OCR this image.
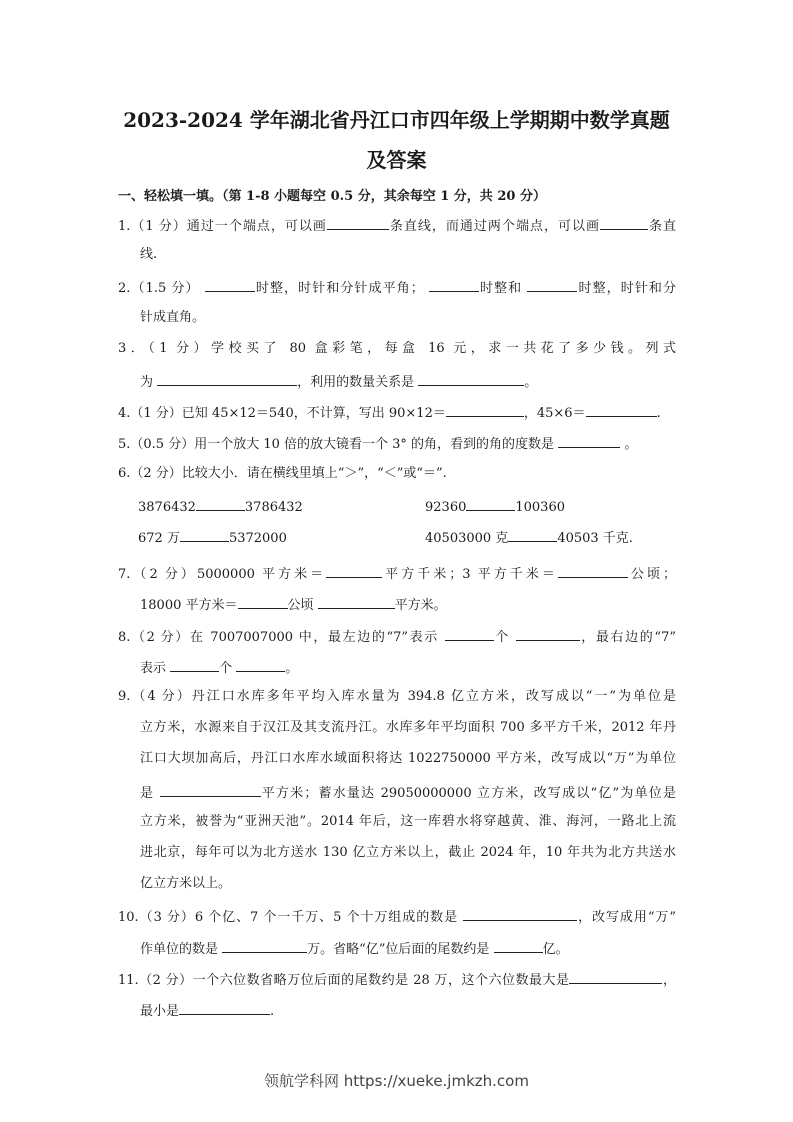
2023-2024 学年湖北省丹江口市四年级上学期期中数学真题
及答案
一、轻松填一填。（第 1-8 小题每空 0.5 分，其余每空 1 分，共 20 分）
1.（1 分）通过一个端点，可以画	条直线，而通过两个端点，可以画	条直
线.
2.（1.5 分）	时整，时针和分针成平角；	时整和	时整，时针和分
针成直角。
3．（1 分）学校买了 80 盒彩笔，每盒 16 元，求一共花了多少钱。列式
为	，利用的数量关系是	。
4.（1 分）已知 45×12＝540，不计算，写出 90×12＝	，45×6＝	.
5.（0.5 分）用一个放大 10 倍的放大镜看一个 3° 的角，看到的角的度数是	。
6.（2 分）比较大小．请在横线里填上“＞”，“＜”或“＝”.
3876432	3786432	92360	100360
672 万	5372000	40503000 克	40503 千克.
7.（2 分）5000000 平方米＝	平方千米；3 平方千米＝	公顷；
18000 平方米＝	公顷	平方米。
8.（2 分）在 7007007000 中，最左边的“7”表示	个	，最右边的“7”
表示	个	。
9.（4 分）丹江口水库多年平均入库水量为 394.8 亿立方米，改写成以“一”为单位是
立方米，水源来自于汉江及其支流丹江。水库多年平均面积 700 多平方千米，2012 年丹
江口大坝加高后，丹江口水库水域面积将达 1022750000 平方米，改写成以“万”为单位
是	平方米；蓄水量达 29050000000 立方米，改写成以“亿”为单位是
立方米，被誉为“亚洲天池”。2014 年后，这一库碧水将穿越黄、淮、海河，一路北上流
进北京，每年可以为北方送水 130 亿立方米以上，截止 2024 年，10 年共为北方共送水
亿立方米以上。
10.（3 分）6 个亿、7 个一千万、5 个十万组成的数是	，改写成用“万”
作单位的数是	万。省略“亿”位后面的尾数约是	亿。
11.（2 分）一个六位数省略万位后面的尾数约是 28 万，这个六位数最大是	，
最小是	.
领航学科网 https://xueke.jmkzh.com
